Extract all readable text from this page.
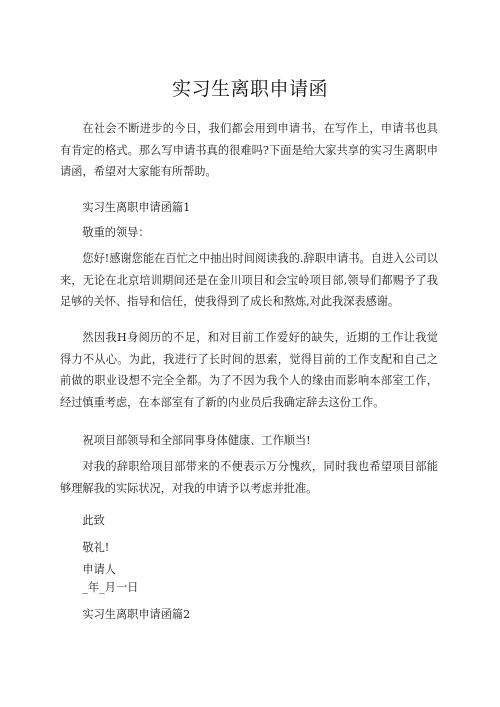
实习生离职申请函

在社会不断进步的今日，我们都会用到申请书，在写作上，申请书也具有肯定的格式。那么写申请书真的很难吗?下面是给大家共享的实习生离职申请函，希望对大家能有所帮助。

实习生离职申请函篇1

敬重的领导：

您好!感谢您能在百忙之中抽出时间阅读我的.辞职申请书。自进入公司以来，无论在北京培训期间还是在金川项目和会宝岭项目部,领导们都赐予了我足够的关怀、指导和信任，使我得到了成长和熬炼,对此我深表感谢。

然因我H身阅历的不足，和对目前工作爱好的缺失，近期的工作让我觉得力不从心。为此，我进行了长时间的思索，觉得目前的工作支配和自己之前做的职业设想不完全全都。为了不因为我个人的缘由而影响本部室工作，经过慎重考虑，在本部室有了新的内业员后我确定辞去这份工作。

祝项目部领导和全部同事身体健康、工作顺当!

对我的辞职给项目部带来的不便表示万分愧疚，同时我也希望项目部能够理解我的实际状况，对我的申请予以考虑并批准。

此致

敬礼!

申请人

_年_月一日

实习生离职申请函篇2
